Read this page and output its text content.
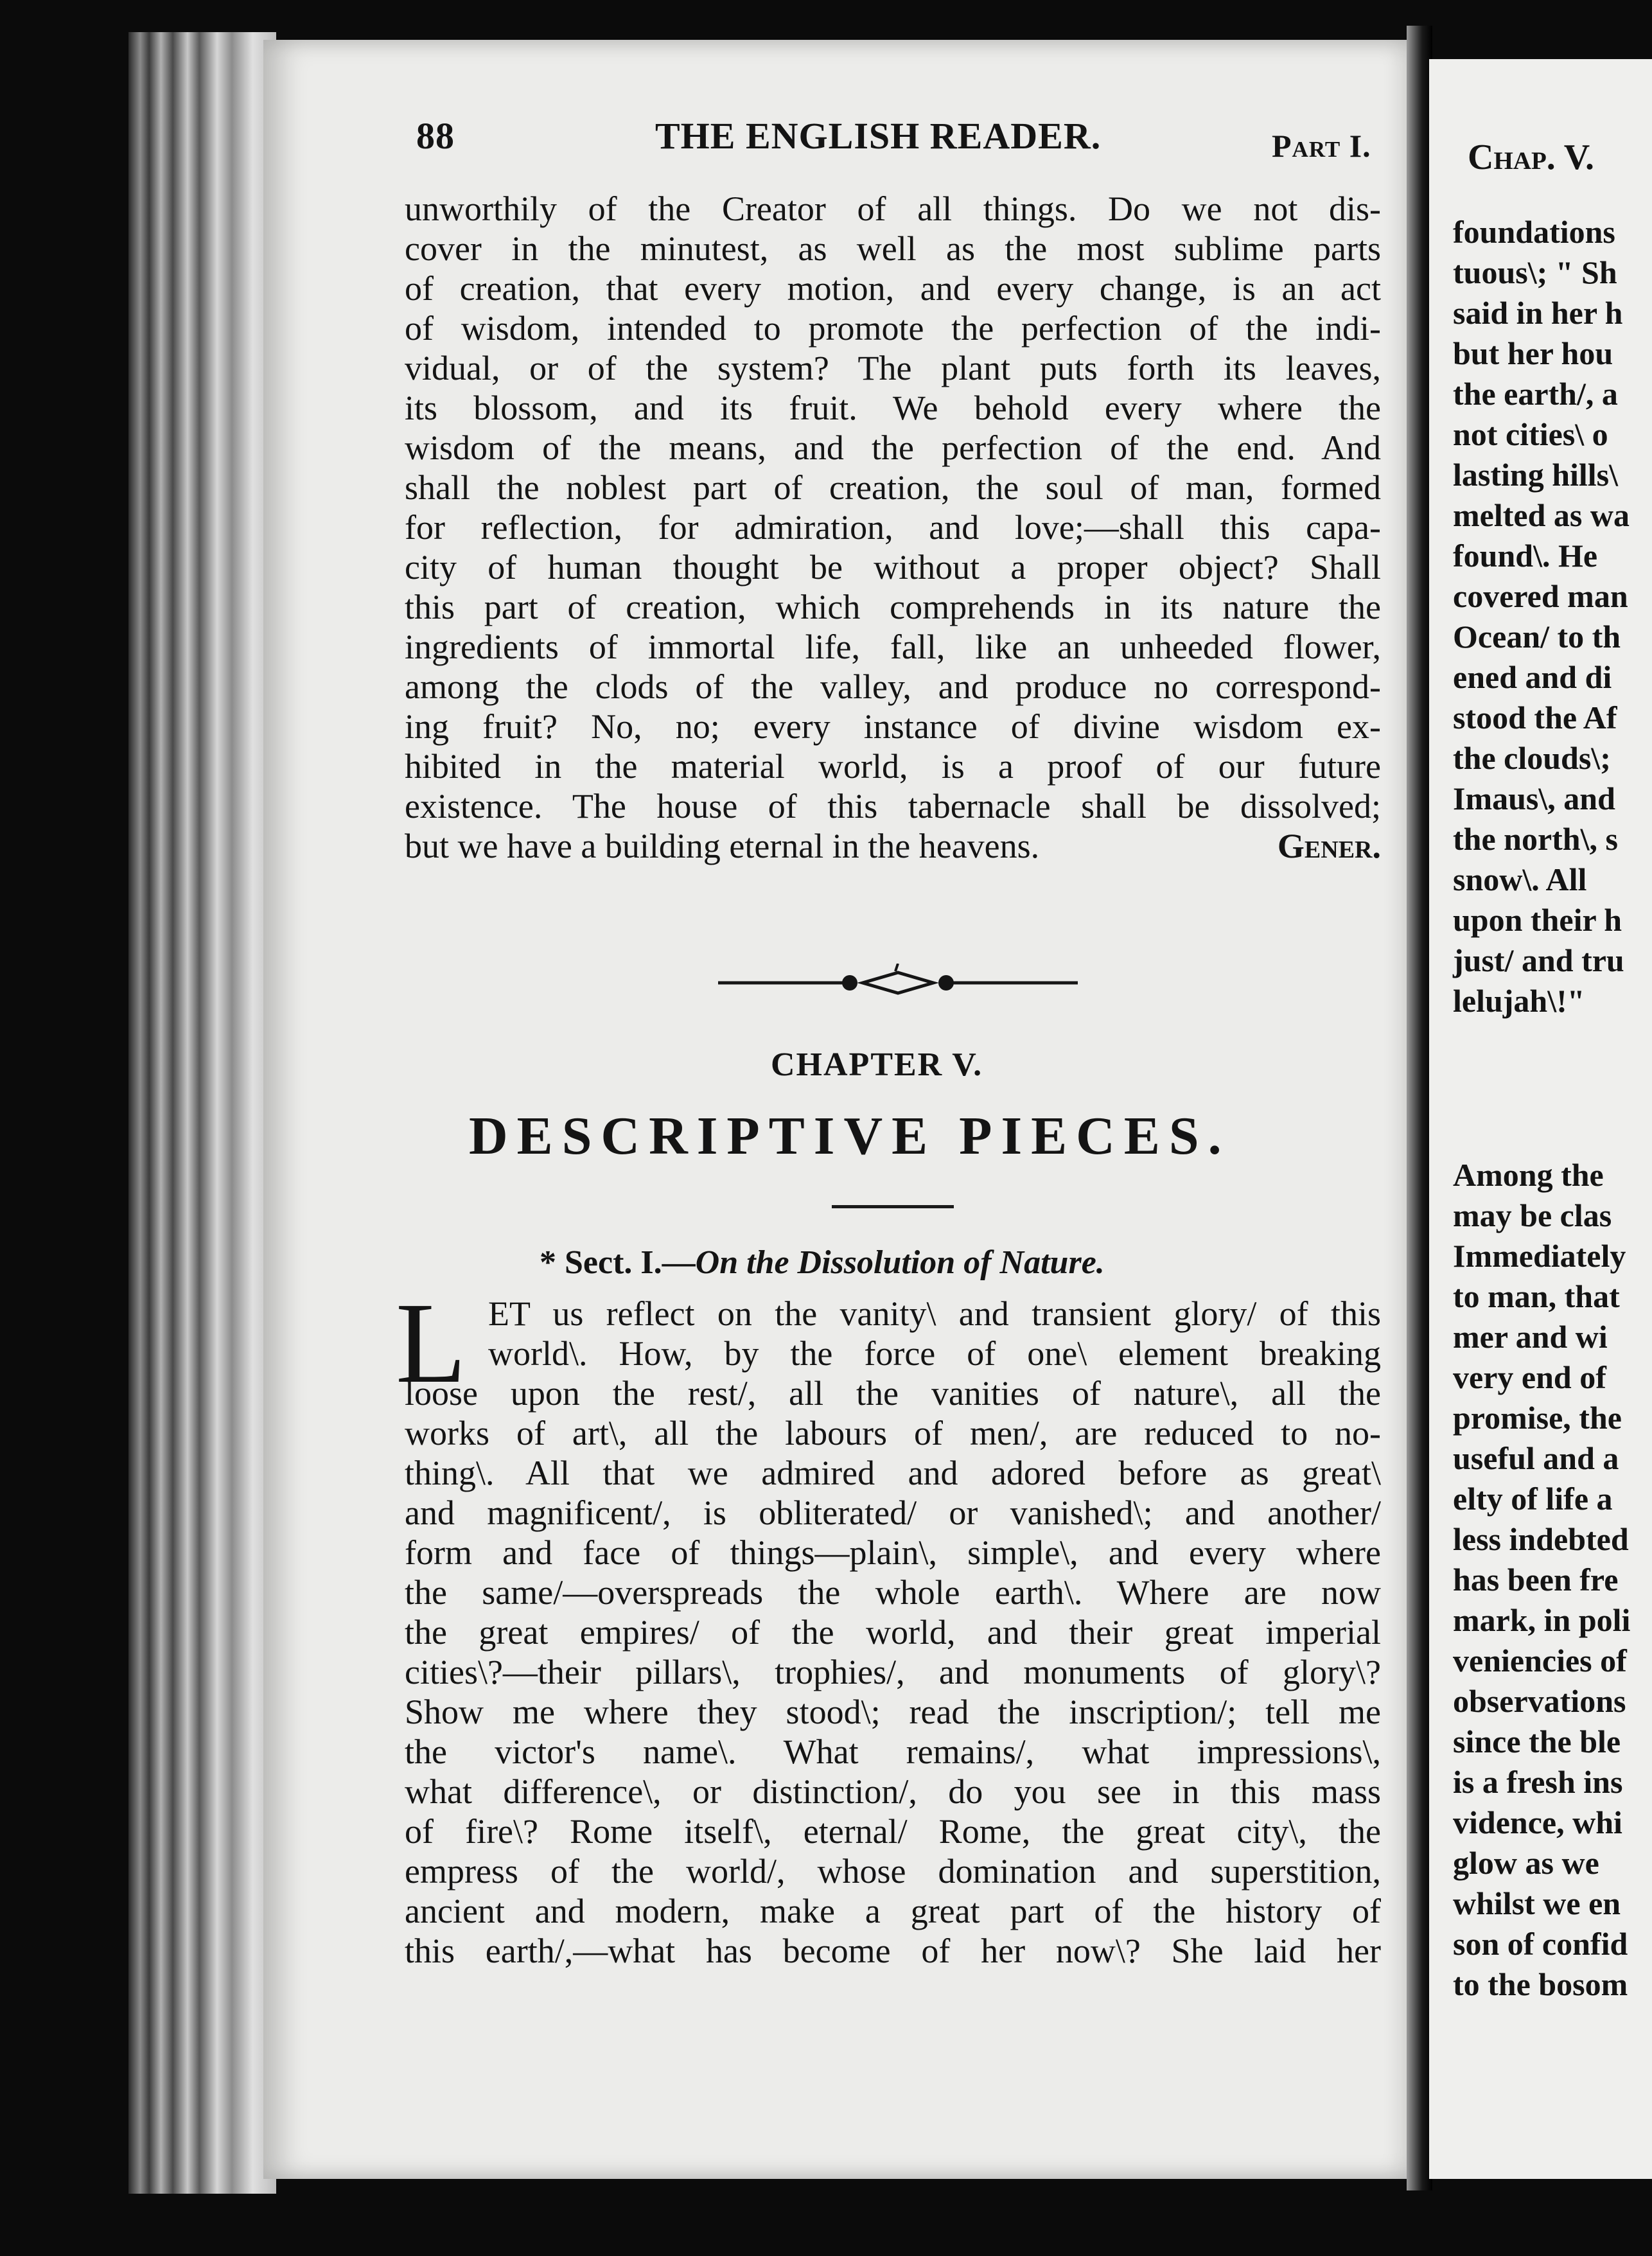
88	THE ENGLISH READER.	Part I.
unworthily of the Creator of all things. Do we not dis-
cover in the minutest, as well as the most sublime parts
of creation, that every motion, and every change, is an act
of wisdom, intended to promote the perfection of the indi-
vidual, or of the system? The plant puts forth its leaves,
its blossom, and its fruit. We behold every where the
wisdom of the means, and the perfection of the end. And
shall the noblest part of creation, the soul of man, formed
for reflection, for admiration, and love;—shall this capa-
city of human thought be without a proper object? Shall
this part of creation, which comprehends in its nature the
ingredients of immortal life, fall, like an unheeded flower,
among the clods of the valley, and produce no correspond-
ing fruit? No, no; every instance of divine wisdom ex-
hibited in the material world, is a proof of our future
existence. The house of this tabernacle shall be dissolved;
but we have a building eternal in the heavens.	Gener.
CHAPTER V.
DESCRIPTIVE PIECES.
* Sect. I.—On the Dissolution of Nature.
L ET us reflect on the vanity\ and transient glory/ of this
world\. How, by the force of one\ element breaking
loose upon the rest/, all the vanities of nature\, all the
works of art\, all the labours of men/, are reduced to no-
thing\. All that we admired and adored before as great\
and magnificent/, is obliterated/ or vanished\; and another/
form and face of things—plain\, simple\, and every where
the same/—overspreads the whole earth\. Where are now
the great empires/ of the world, and their great imperial
cities\?—their pillars\, trophies/, and monuments of glory\?
Show me where they stood\; read the inscription/; tell me
the victor's name\. What remains/, what impressions\,
what difference\, or distinction/, do you see in this mass
of fire\? Rome itself\, eternal/ Rome, the great city\, the
empress of the world/, whose domination and superstition,
ancient and modern, make a great part of the history of
this earth/,—what has become of her now\? She laid her
Chap. V.
foundations
tuous\; " Sh
said in her h
but her hou
the earth/, a
not cities\ o
lasting hills\
melted as wa
found\. He
covered man
Ocean/ to th
ened and di
stood the Af
the clouds\;
Imaus\, and
the north\, s
snow\. All
upon their h
just/ and tru
lelujah\!"
Among the
may be clas
Immediately
to man, that
mer and wi
very end of
promise, the
useful and a
elty of life a
less indebted
has been fre
mark, in poli
veniencies of
observations
since the ble
is a fresh ins
vidence, whi
glow as we
whilst we en
son of confid
to the bosom
